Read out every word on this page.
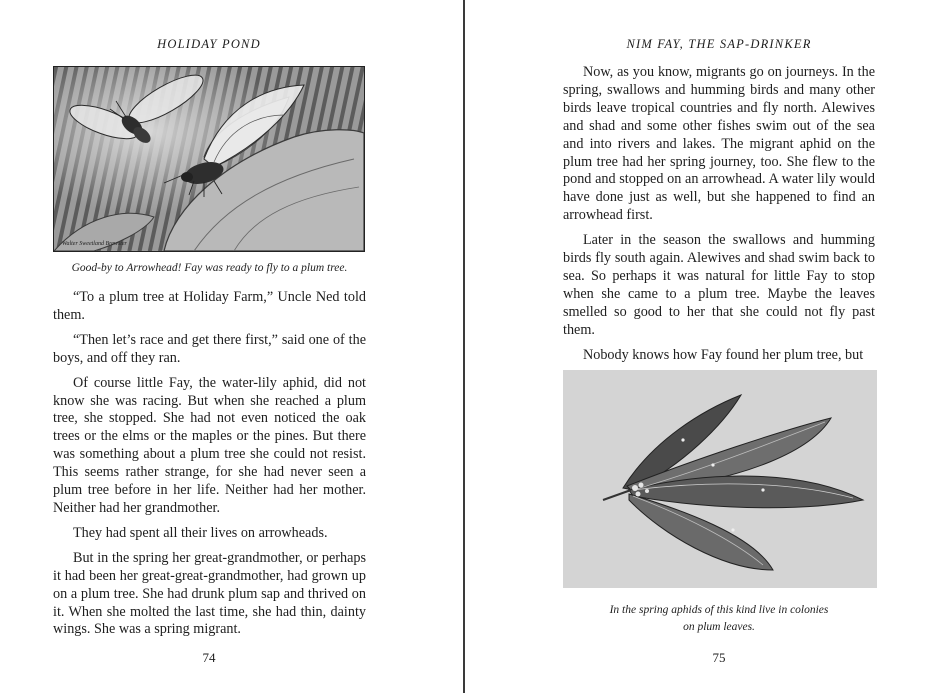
HOLIDAY POND
Walter Sweetland Brewster
Good-by to Arrowhead! Fay was ready to fly to a plum tree.

“To a plum tree at Holiday Farm,” Uncle Ned told them.

“Then let’s race and get there first,” said one of the boys, and off they ran.

Of course little Fay, the water-lily aphid, did not know she was racing. But when she reached a plum tree, she stopped. She had not even noticed the oak trees or the elms or the maples or the pines. But there was something about a plum tree she could not resist. This seems rather strange, for she had never seen a plum tree before in her life. Neither had her mother. Neither had her grandmother.

They had spent all their lives on arrowheads.

But in the spring her great-grandmother, or perhaps it had been her great-great-grandmother, had grown up on a plum tree. She had drunk plum sap and thrived on it. When she molted the last time, she had thin, dainty wings. She was a spring migrant.

74
NIM FAY, THE SAP-DRINKER

Now, as you know, migrants go on journeys. In the spring, swallows and humming birds and many other birds leave tropical countries and fly north. Alewives and shad and some other fishes swim out of the sea and into rivers and lakes. The migrant aphid on the plum tree had her spring journey, too. She flew to the pond and stopped on an arrowhead. A water lily would have done just as well, but she happened to find an arrowhead first.

Later in the season the swallows and humming birds fly south again. Alewives and shad swim back to sea. So perhaps it was natural for little Fay to stop when she came to a plum tree. Maybe the leaves smelled so good to her that she could not fly past them.

Nobody knows how Fay found her plum tree, but

In the spring aphids of this kind live in colonies
on plum leaves.
75
